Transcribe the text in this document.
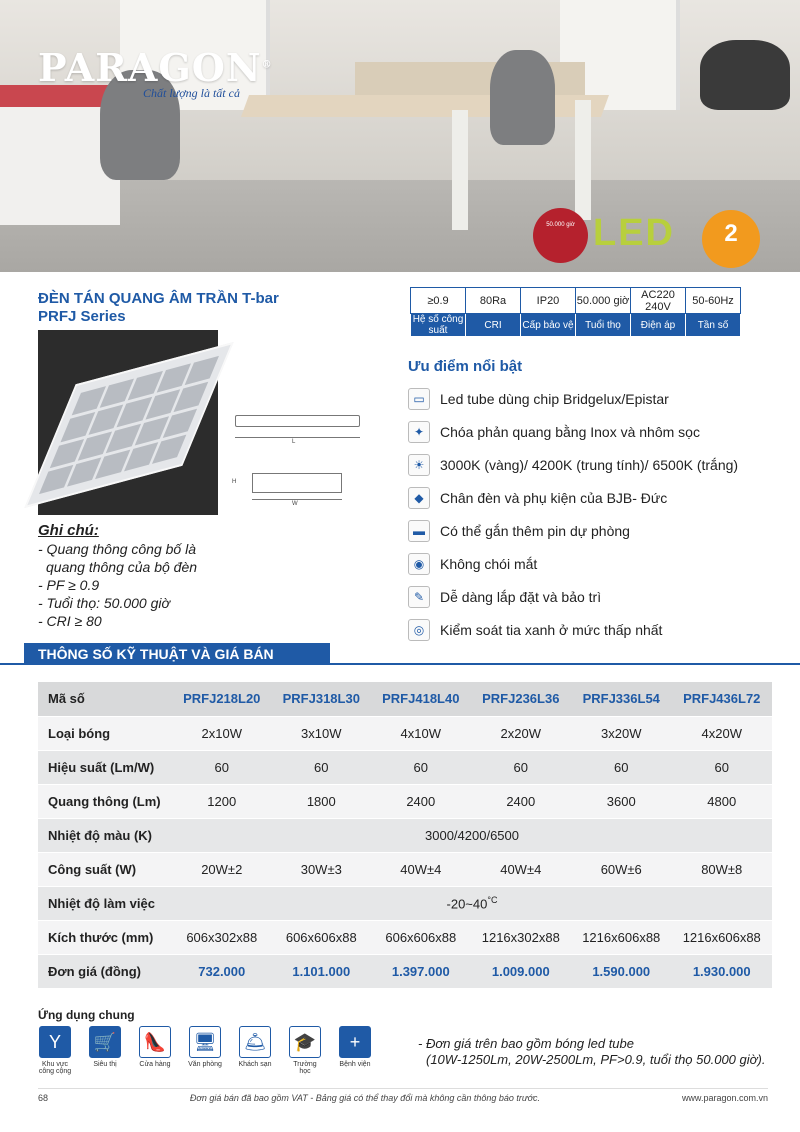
PARAGON®
Chất lượng là tất cả
50.000 giờ LED	2
ĐÈN TÁN QUANG ÂM TRẦN T-bar
PRFJ Series
≥0.9	80Ra	IP20	50.000 giờ	AC220 240V	50-60Hz
Hệ số công suất	CRI	Cấp bảo vệ	Tuổi thọ	Điện áp	Tần số
L
H
W
Ưu điểm nổi bật
▭	Led tube dùng chip Bridgelux/Epistar
✦	Chóa phản quang bằng Inox và nhôm sọc
☀	3000K (vàng)/ 4200K (trung tính)/ 6500K (trắng)
◆	Chân đèn và phụ kiện của BJB- Đức
▬	Có thể gắn thêm pin dự phòng
◉	Không chói mắt
✎	Dễ dàng lắp đặt và bảo trì
◎	Kiểm soát tia xanh ở mức thấp nhất
Ghi chú:
- Quang thông công bố là
quang thông của bộ đèn
- PF ≥ 0.9
- Tuổi thọ: 50.000 giờ
- CRI ≥ 80
THÔNG SỐ KỸ THUẬT VÀ GIÁ BÁN
Mã số	PRFJ218L20	PRFJ318L30	PRFJ418L40	PRFJ236L36	PRFJ336L54	PRFJ436L72
Loại bóng	2x10W	3x10W	4x10W	2x20W	3x20W	4x20W
Hiệu suất (Lm/W)	60	60	60	60	60	60
Quang thông (Lm)	1200	1800	2400	2400	3600	4800
Nhiệt độ màu (K)	3000/4200/6500					
Công suất (W)	20W±2	30W±3	40W±4	40W±4	60W±6	80W±8
Nhiệt độ làm việc	$-20\sim 40^{^\circ C}$
Kích thước (mm)	606x302x88	606x606x88	606x606x88	1216x302x88	1216x606x88	1216x606x88
Đơn giá (đồng)	732.000	1.101.000	1.397.000	1.009.000	1.590.000	1.930.000
Ứng dụng chung
Y
Khu vực công cộng
🛒
Siêu thị
👠
Cửa hàng
🖥
Văn phòng
🛎
Khách sạn
🎓
Trường học
+
Bệnh viện
- Đơn giá trên bao gồm bóng led tube
(10W-1250Lm, 20W-2500Lm, PF>0.9, tuổi thọ 50.000 giờ).
68	Đơn giá bán đã bao gồm VAT - Bảng giá có thể thay đổi mà không cần thông báo trước.	www.paragon.com.vn
